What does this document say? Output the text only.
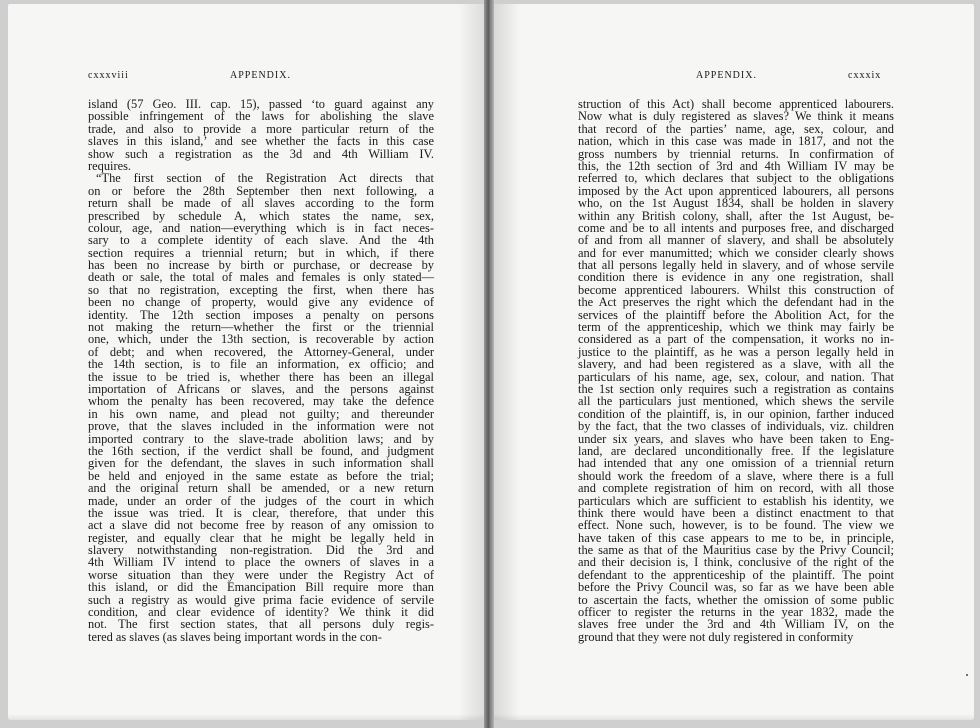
cxxxviii	APPENDIX.
island (57 Geo. III. cap. 15), passed ‘to guard against any
possible infringement of the laws for abolishing the slave
trade, and also to provide a more particular return of the
slaves in this island,’ and see whether the facts in this case
show such a registration as the 3d and 4th William IV.
requires.
“The first section of the Registration Act directs that
on or before the 28th September then next following, a
return shall be made of all slaves according to the form
prescribed by schedule A, which states the name, sex,
colour, age, and nation—everything which is in fact neces-
sary to a complete identity of each slave. And the 4th
section requires a triennial return; but in which, if there
has been no increase by birth or purchase, or decrease by
death or sale, the total of males and females is only stated—
so that no registration, excepting the first, when there has
been no change of property, would give any evidence of
identity. The 12th section imposes a penalty on persons
not making the return—whether the first or the triennial
one, which, under the 13th section, is recoverable by action
of debt; and when recovered, the Attorney-General, under
the 14th section, is to file an information, ex officio; and
the issue to be tried is, whether there has been an illegal
importation of Africans or slaves, and the persons against
whom the penalty has been recovered, may take the defence
in his own name, and plead not guilty; and thereunder
prove, that the slaves included in the information were not
imported contrary to the slave-trade abolition laws; and by
the 16th section, if the verdict shall be found, and judgment
given for the defendant, the slaves in such information shall
be held and enjoyed in the same estate as before the trial;
and the original return shall be amended, or a new return
made, under an order of the judges of the court in which
the issue was tried. It is clear, therefore, that under this
act a slave did not become free by reason of any omission to
register, and equally clear that he might be legally held in
slavery notwithstanding non-registration. Did the 3rd and
4th William IV intend to place the owners of slaves in a
worse situation than they were under the Registry Act of
this island, or did the Emancipation Bill require more than
such a registry as would give prima facie evidence of servile
condition, and clear evidence of identity? We think it did
not. The first section states, that all persons duly regis-
tered as slaves (as slaves being important words in the con-
APPENDIX.	cxxxix
struction of this Act) shall become apprenticed labourers.
Now what is duly registered as slaves? We think it means
that record of the parties’ name, age, sex, colour, and
nation, which in this case was made in 1817, and not the
gross numbers by triennial returns. In confirmation of
this, the 12th section of 3rd and 4th William IV may be
referred to, which declares that subject to the obligations
imposed by the Act upon apprenticed labourers, all persons
who, on the 1st August 1834, shall be holden in slavery
within any British colony, shall, after the 1st August, be-
come and be to all intents and purposes free, and discharged
of and from all manner of slavery, and shall be absolutely
and for ever manumitted; which we consider clearly shows
that all persons legally held in slavery, and of whose servile
condition there is evidence in any one registration, shall
become apprenticed labourers. Whilst this construction of
the Act preserves the right which the defendant had in the
services of the plaintiff before the Abolition Act, for the
term of the apprenticeship, which we think may fairly be
considered as a part of the compensation, it works no in-
justice to the plaintiff, as he was a person legally held in
slavery, and had been registered as a slave, with all the
particulars of his name, age, sex, colour, and nation. That
the 1st section only requires such a registration as contains
all the particulars just mentioned, which shews the servile
condition of the plaintiff, is, in our opinion, farther induced
by the fact, that the two classes of individuals, viz. children
under six years, and slaves who have been taken to Eng-
land, are declared unconditionally free. If the legislature
had intended that any one omission of a triennial return
should work the freedom of a slave, where there is a full
and complete registration of him on record, with all those
particulars which are sufficient to establish his identity, we
think there would have been a distinct enactment to that
effect. None such, however, is to be found. The view we
have taken of this case appears to me to be, in principle,
the same as that of the Mauritius case by the Privy Council;
and their decision is, I think, conclusive of the right of the
defendant to the apprenticeship of the plaintiff. The point
before the Privy Council was, so far as we have been able
to ascertain the facts, whether the omission of some public
officer to register the returns in the year 1832, made the
slaves free under the 3rd and 4th William IV, on the
ground that they were not duly registered in conformity
